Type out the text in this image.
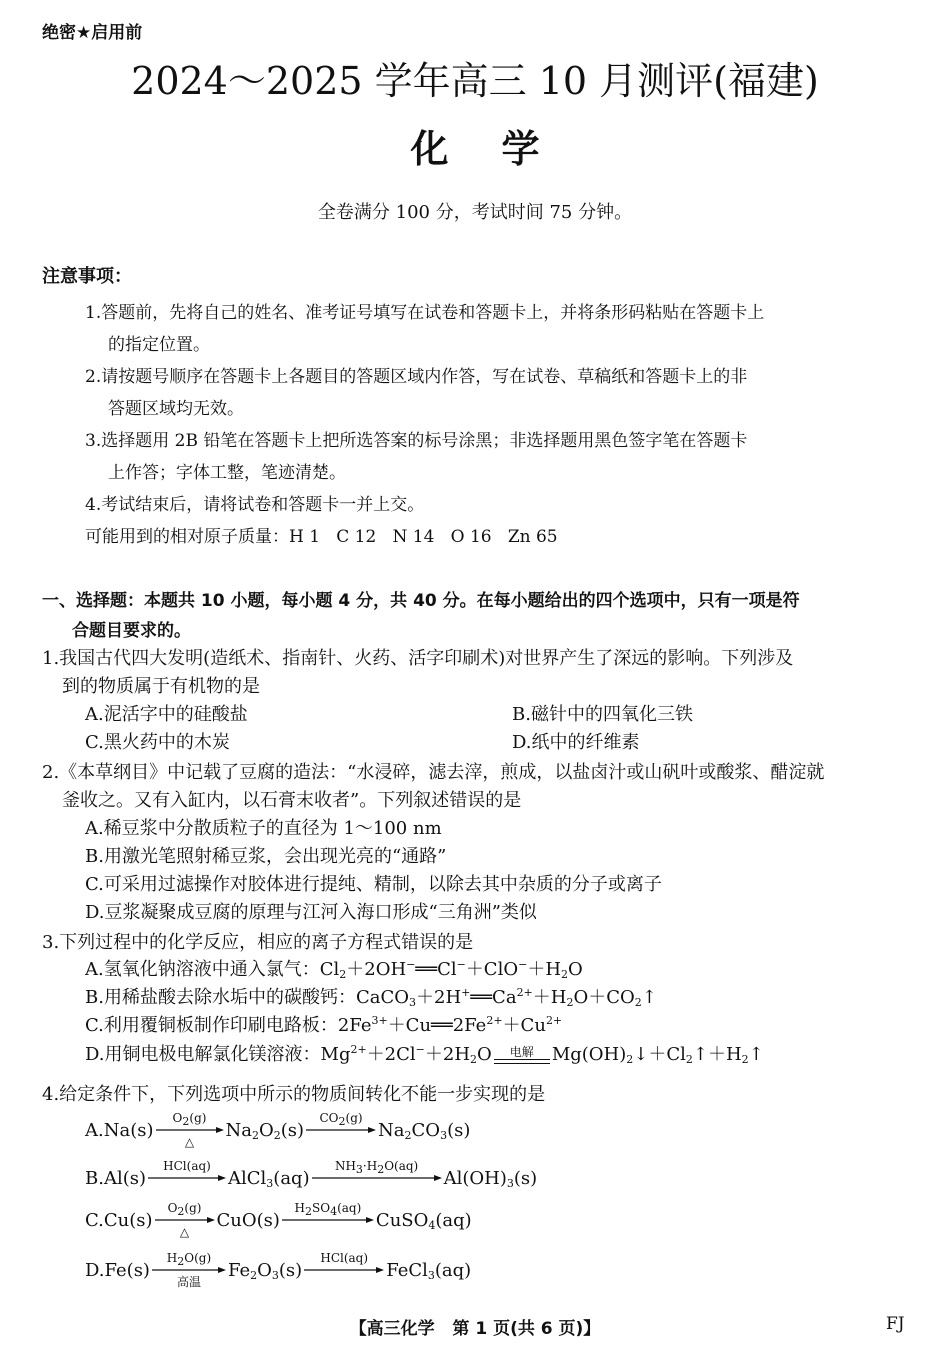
绝密★启用前
2024～2025 学年高三 10 月测评(福建)
化    学
全卷满分 100 分，考试时间 75 分钟。
注意事项：
1.答题前，先将自己的姓名、准考证号填写在试卷和答题卡上，并将条形码粘贴在答题卡上
的指定位置。
2.请按题号顺序在答题卡上各题目的答题区域内作答，写在试卷、草稿纸和答题卡上的非
答题区域均无效。
3.选择题用 2B 铅笔在答题卡上把所选答案的标号涂黑；非选择题用黑色签字笔在答题卡
上作答；字体工整，笔迹清楚。
4.考试结束后，请将试卷和答题卡一并上交。
可能用到的相对原子质量：H 1   C 12   N 14   O 16   Zn 65
一、选择题：本题共 10 小题，每小题 4 分，共 40 分。在每小题给出的四个选项中，只有一项是符
合题目要求的。
1.我国古代四大发明(造纸术、指南针、火药、活字印刷术)对世界产生了深远的影响。下列涉及
到的物质属于有机物的是
A.泥活字中的硅酸盐	B.磁针中的四氧化三铁
C.黑火药中的木炭	D.纸中的纤维素
2.《本草纲目》中记载了豆腐的造法：“水浸碎，滤去滓，煎成，以盐卤汁或山矾叶或酸浆、醋淀就
釜收之。又有入缸内，以石膏末收者”。下列叙述错误的是
A.稀豆浆中分散质粒子的直径为 1～100 nm
B.用激光笔照射稀豆浆，会出现光亮的“通路”
C.可采用过滤操作对胶体进行提纯、精制，以除去其中杂质的分子或离子
D.豆浆凝聚成豆腐的原理与江河入海口形成“三角洲”类似
3.下列过程中的化学反应，相应的离子方程式错误的是
A.氢氧化钠溶液中通入氯气：$Cl_2+2OH^-══Cl^-+ClO^-+H_2O$
B.用稀盐酸去除水垢中的碳酸钙：$CaCO_3+2H^+══Ca^{2+}+H_2O+CO_2↑$
C.利用覆铜板制作印刷电路板：$2Fe^{3+}+Cu══2Fe^{2+}+Cu^{2+}$
D.用铜电极电解氯化镁溶液：$Mg^{2+}+2Cl^-+2H_2O$	电解	$Mg(OH)_2↓+Cl_2↑+H_2↑$
4.给定条件下，下列选项中所示的物质间转化不能一步实现的是
A. Na(s)
$O_2(g)$
△
$Na_2O_2(s)$
$CO_2(g)$

$Na_2CO_3(s)$
B. Al(s)
HCl(aq)

AlCl$_3$(aq)
$NH_3\cdot H_2O(aq)$

$Al(OH)_3(s)$
C. Cu(s)
$O_2(g)$
△
CuO(s)
$H_2SO_4(aq)$

CuSO$_4$(aq)
D. Fe(s)
$H_2O(g)$
高温
$Fe_2O_3(s)$
HCl(aq)

FeCl$_3$(aq)
【高三化学   第 1 页(共 6 页)】	FJ
